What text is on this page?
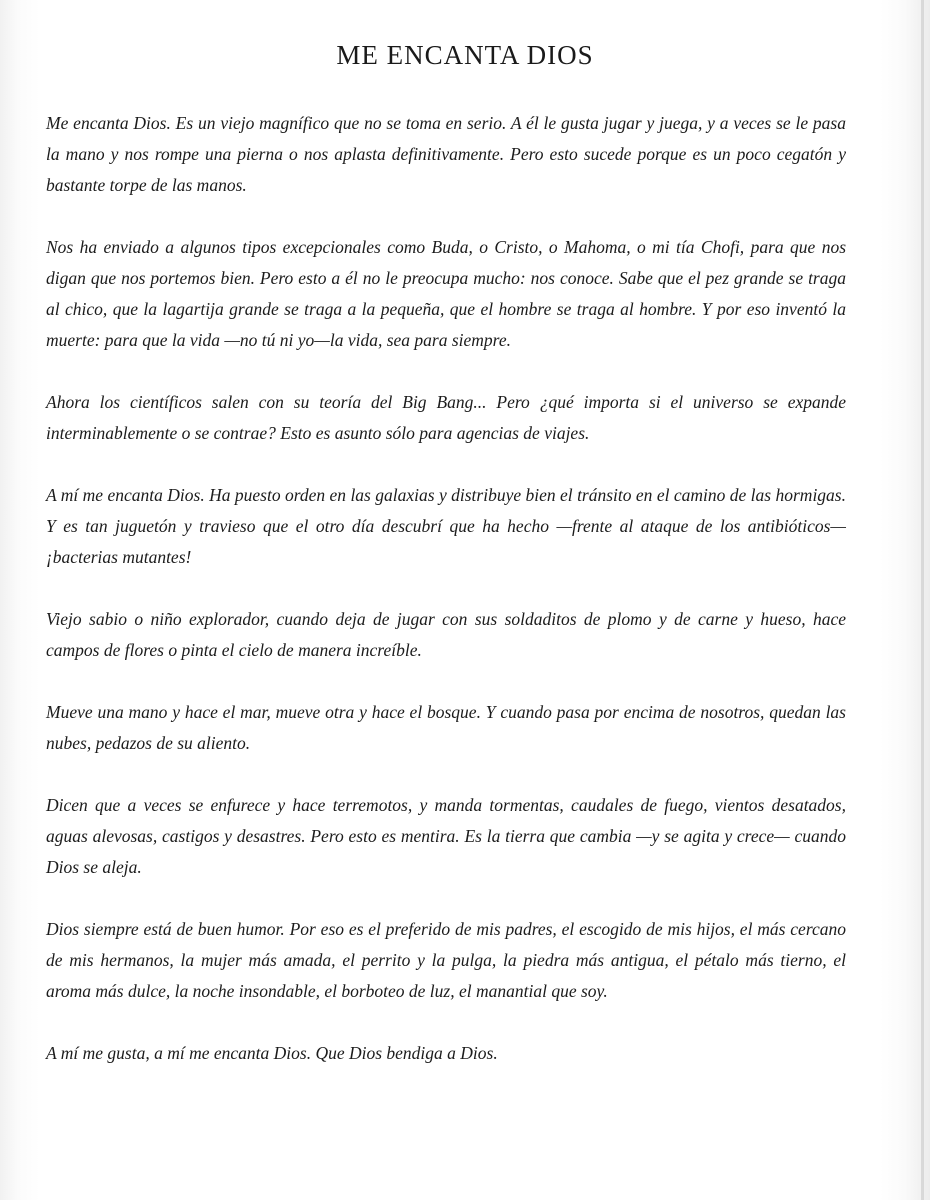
ME ENCANTA DIOS

Me encanta Dios. Es un viejo magnífico que no se toma en serio. A él le gusta jugar y juega, y a veces se le pasa la mano y nos rompe una pierna o nos aplasta definitivamente. Pero esto sucede porque es un poco cegatón y bastante torpe de las manos.

Nos ha enviado a algunos tipos excepcionales como Buda, o Cristo, o Mahoma, o mi tía Chofi, para que nos digan que nos portemos bien. Pero esto a él no le preocupa mucho: nos conoce. Sabe que el pez grande se traga al chico, que la lagartija grande se traga a la pequeña, que el hombre se traga al hombre. Y por eso inventó la muerte: para que la vida —no tú ni yo—la vida, sea para siempre.

Ahora los científicos salen con su teoría del Big Bang... Pero ¿qué importa si el universo se expande interminablemente o se contrae? Esto es asunto sólo para agencias de viajes.

A mí me encanta Dios. Ha puesto orden en las galaxias y distribuye bien el tránsito en el camino de las hormigas. Y es tan juguetón y travieso que el otro día descubrí que ha hecho —frente al ataque de los antibióticos— ¡bacterias mutantes!

Viejo sabio o niño explorador, cuando deja de jugar con sus soldaditos de plomo y de carne y hueso, hace campos de flores o pinta el cielo de manera increíble.

Mueve una mano y hace el mar, mueve otra y hace el bosque. Y cuando pasa por encima de nosotros, quedan las nubes, pedazos de su aliento.

Dicen que a veces se enfurece y hace terremotos, y manda tormentas, caudales de fuego, vientos desatados, aguas alevosas, castigos y desastres. Pero esto es mentira. Es la tierra que cambia —y se agita y crece— cuando Dios se aleja.

Dios siempre está de buen humor. Por eso es el preferido de mis padres, el escogido de mis hijos, el más cercano de mis hermanos, la mujer más amada, el perrito y la pulga, la piedra más antigua, el pétalo más tierno, el aroma más dulce, la noche insondable, el borboteo de luz, el manantial que soy.

A mí me gusta, a mí me encanta Dios. Que Dios bendiga a Dios.
